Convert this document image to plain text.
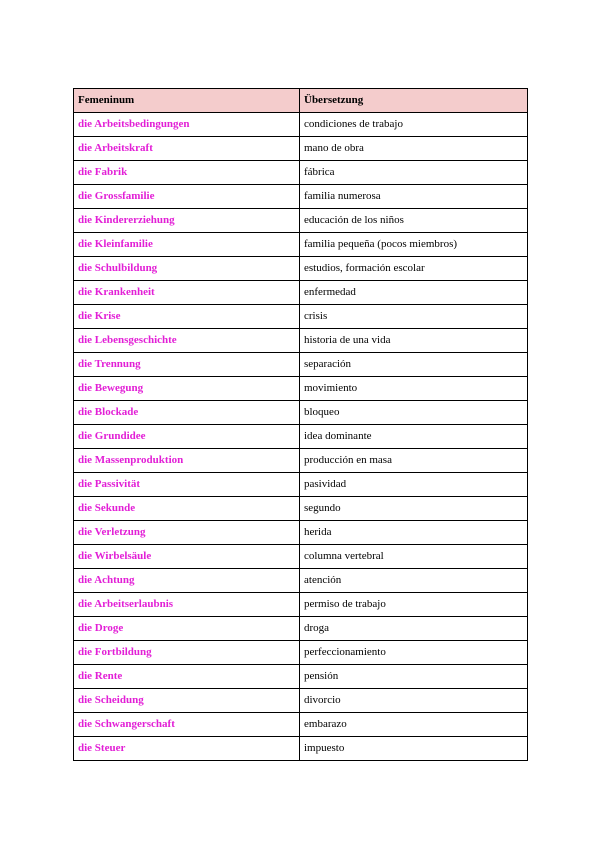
Femeninum	Übersetzung
die Arbeitsbedingungen	condiciones de trabajo
die Arbeitskraft	mano de obra
die Fabrik	fábrica
die Grossfamilie	familia numerosa
die Kindererziehung	educación de los niños
die Kleinfamilie	familia pequeña (pocos miembros)
die Schulbildung	estudios, formación escolar
die Krankenheit	enfermedad
die Krise	crisis
die Lebensgeschichte	historia de una vida
die Trennung	separación
die Bewegung	movimiento
die Blockade	bloqueo
die Grundidee	idea dominante
die Massenproduktion	producción en masa
die Passivität	pasividad
die Sekunde	segundo
die Verletzung	herida
die Wirbelsäule	columna vertebral
die Achtung	atención
die Arbeitserlaubnis	permiso de trabajo
die Droge	droga
die Fortbildung	perfeccionamiento
die Rente	pensión
die Scheidung	divorcio
die Schwangerschaft	embarazo
die Steuer	impuesto
